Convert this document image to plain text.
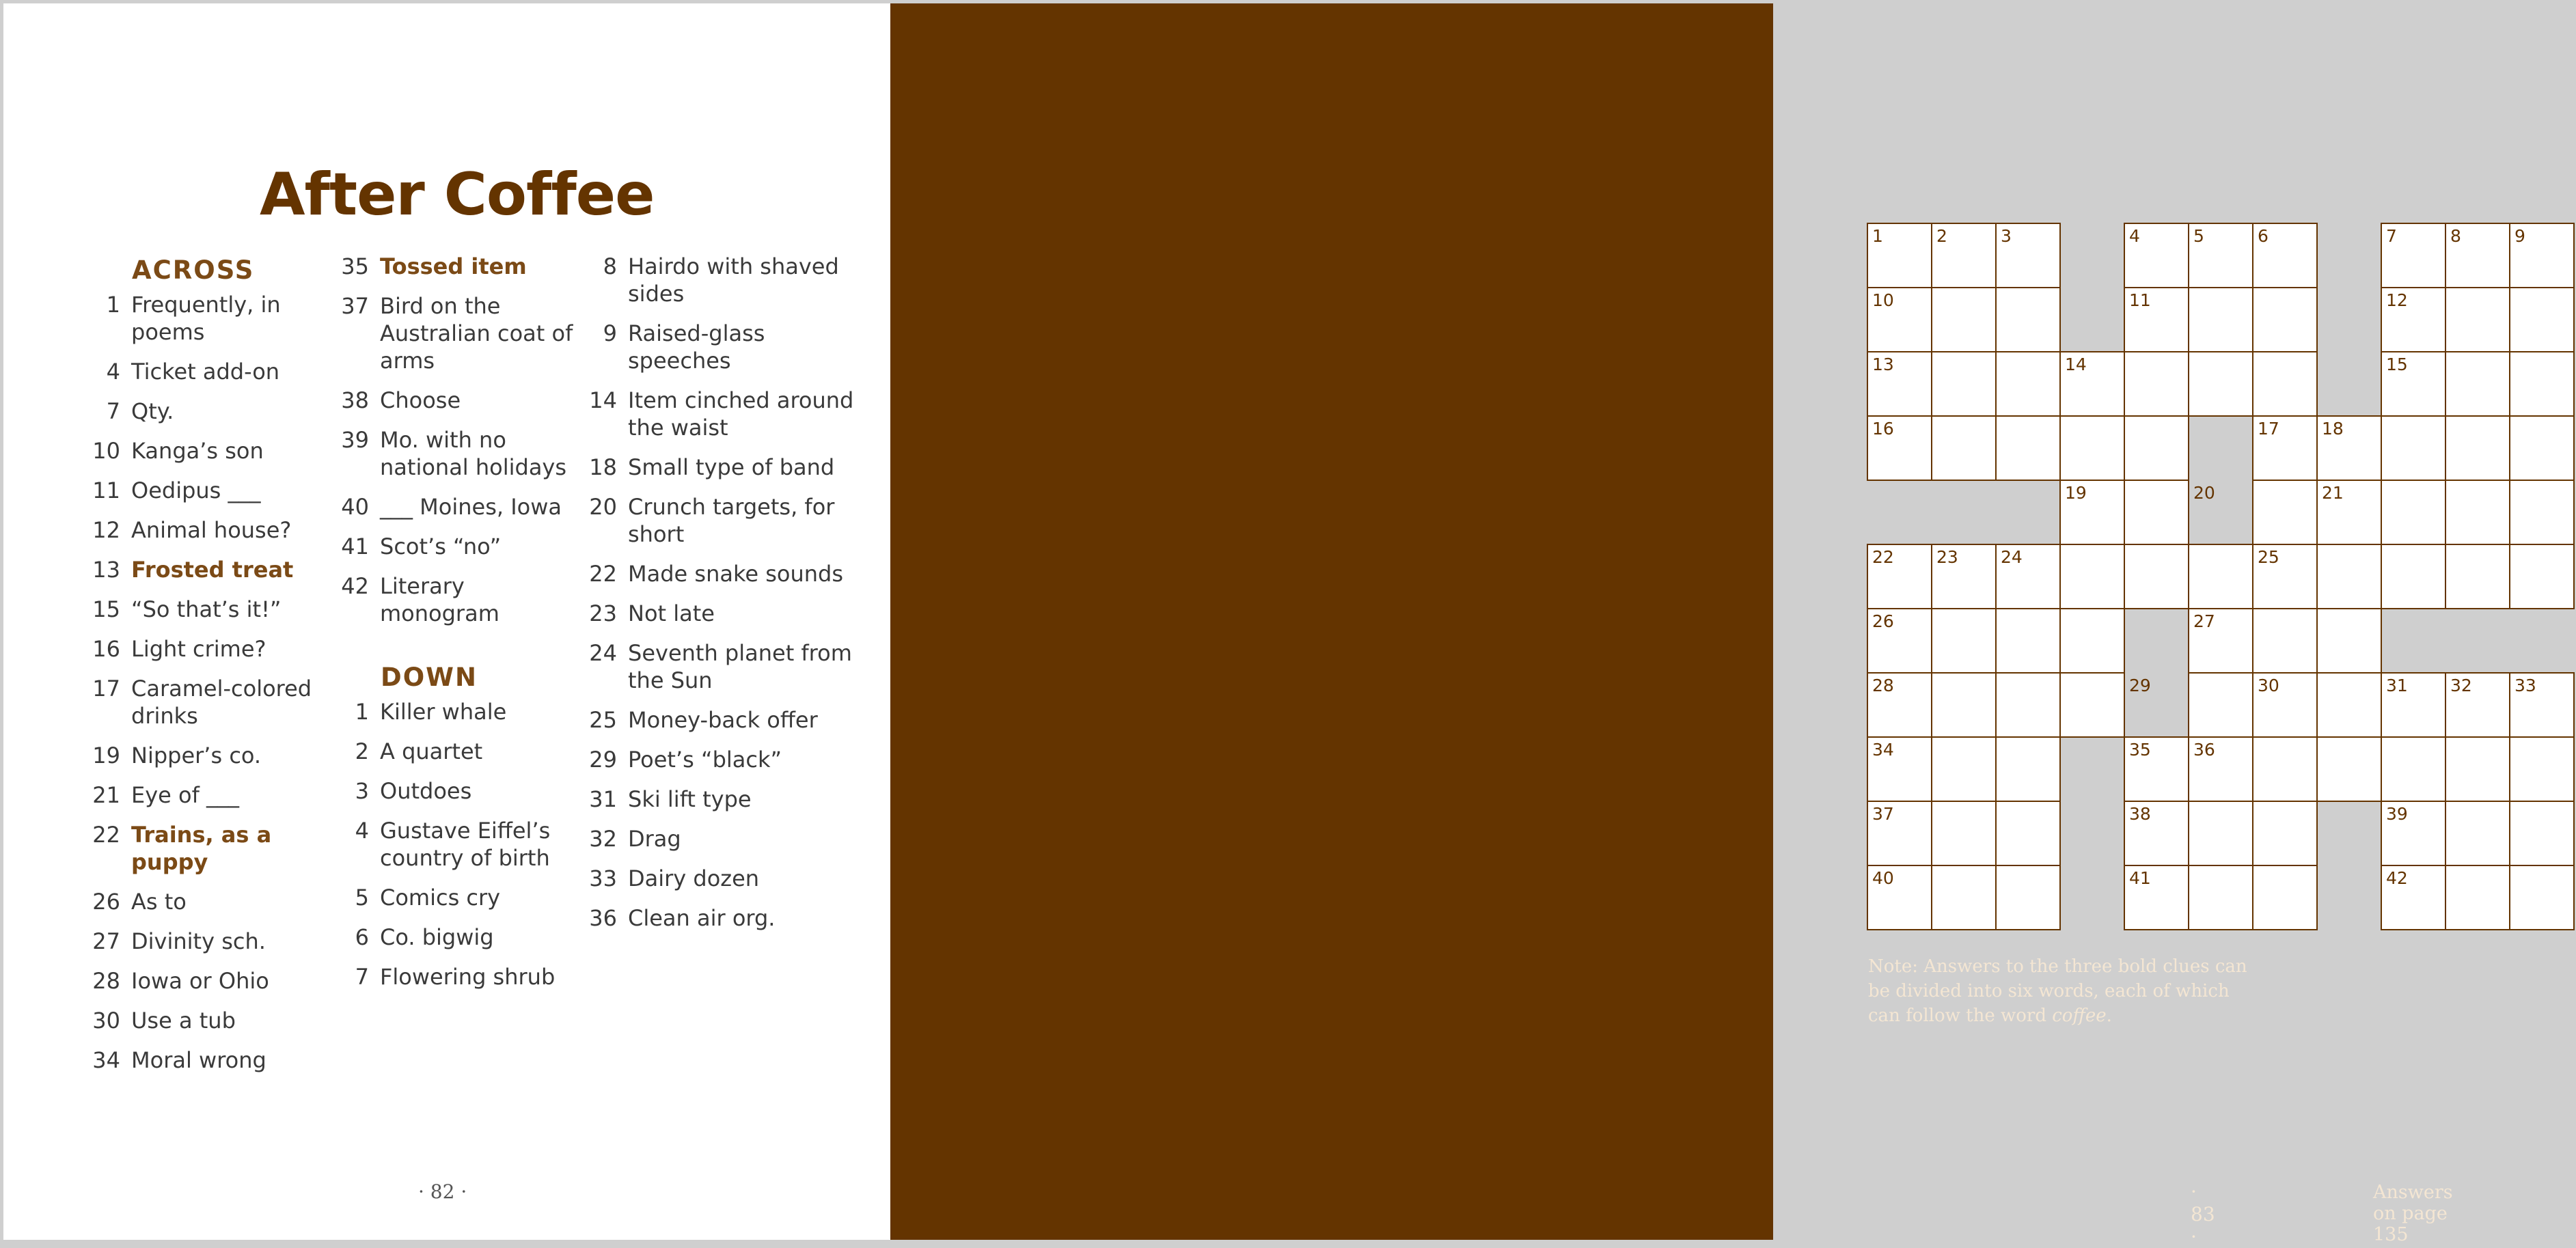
After Coffee
ACROSS
1 Frequently, in poems
4 Ticket add-on
7 Qty.
10 Kanga’s son
11 Oedipus ___
12 Animal house?
13 Frosted treat
15 “So that’s it!”
16 Light crime?
17 Caramel-colored drinks
19 Nipper’s co.
21 Eye of ___
22 Trains, as a puppy
26 As to
27 Divinity sch.
28 Iowa or Ohio
30 Use a tub
34 Moral wrong
35 Tossed item
37 Bird on the Australian coat of arms
38 Choose
39 Mo. with no national holidays
40 ___ Moines, Iowa
41 Scot’s “no”
42 Literary monogram
DOWN
1 Killer whale
2 A quartet
3 Outdoes
4 Gustave Eiffel’s country of birth
5 Comics cry
6 Co. bigwig
7 Flowering shrub
8 Hairdo with shaved sides
9 Raised-glass speeches
14 Item cinched around the waist
18 Small type of band
20 Crunch targets, for short
22 Made snake sounds
23 Not late
24 Seventh planet from the Sun
25 Money-back offer
29 Poet’s “black”
31 Ski lift type
32 Drag
33 Dairy dozen
36 Clean air org.
· 82 ·
1	2	3	4	5	6	7	8	9
10	11	12
13	14	15
16	17 18
19	20	21
22 23 24	25
26	27
28	29	30	31 32 33
34	35 36
37	38	39
40	41	42

Note: Answers to the three bold clues can be divided into six words, each of which can follow the word coffee.

· 83 ·
Answers on page 135
